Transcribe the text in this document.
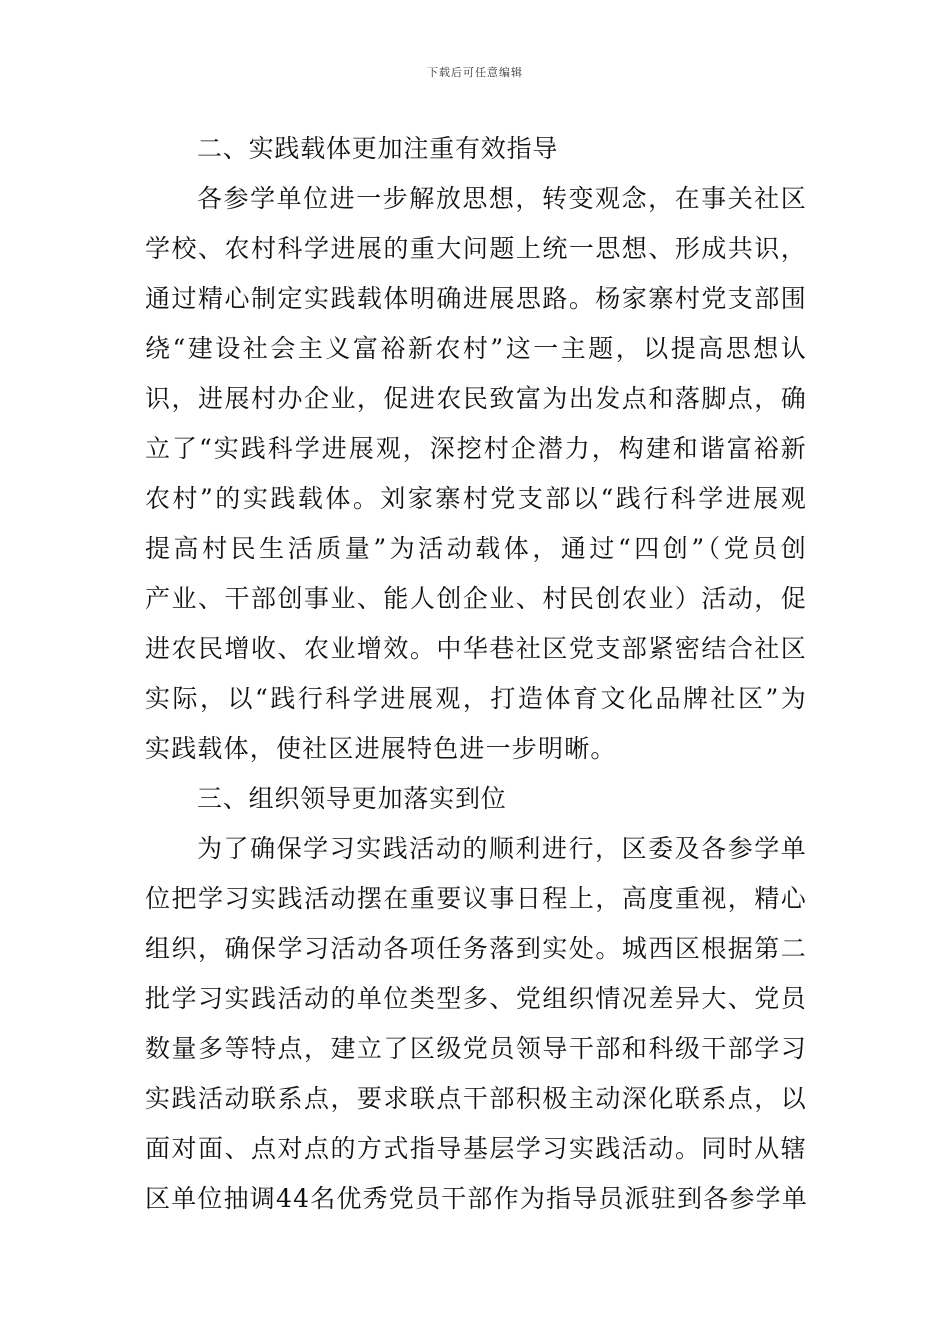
下载后可任意编辑
二、实践载体更加注重有效指导
各参学单位进一步解放思想，转变观念，在事关社区
学校、农村科学进展的重大问题上统一思想、形成共识，
通过精心制定实践载体明确进展思路。杨家寨村党支部围
绕“建设社会主义富裕新农村”这一主题，以提高思想认
识，进展村办企业，促进农民致富为出发点和落脚点，确
立了“实践科学进展观，深挖村企潜力，构建和谐富裕新
农村”的实践载体。刘家寨村党支部以“践行科学进展观
提高村民生活质量”为活动载体，通过“四创”（党员创
产业、干部创事业、能人创企业、村民创农业）活动，促
进农民增收、农业增效。中华巷社区党支部紧密结合社区
实际，以“践行科学进展观，打造体育文化品牌社区”为
实践载体，使社区进展特色进一步明晰。
三、组织领导更加落实到位
为了确保学习实践活动的顺利进行，区委及各参学单
位把学习实践活动摆在重要议事日程上，高度重视，精心
组织，确保学习活动各项任务落到实处。城西区根据第二
批学习实践活动的单位类型多、党组织情况差异大、党员
数量多等特点，建立了区级党员领导干部和科级干部学习
实践活动联系点，要求联点干部积极主动深化联系点，以
面对面、点对点的方式指导基层学习实践活动。同时从辖
区单位抽调44名优秀党员干部作为指导员派驻到各参学单
